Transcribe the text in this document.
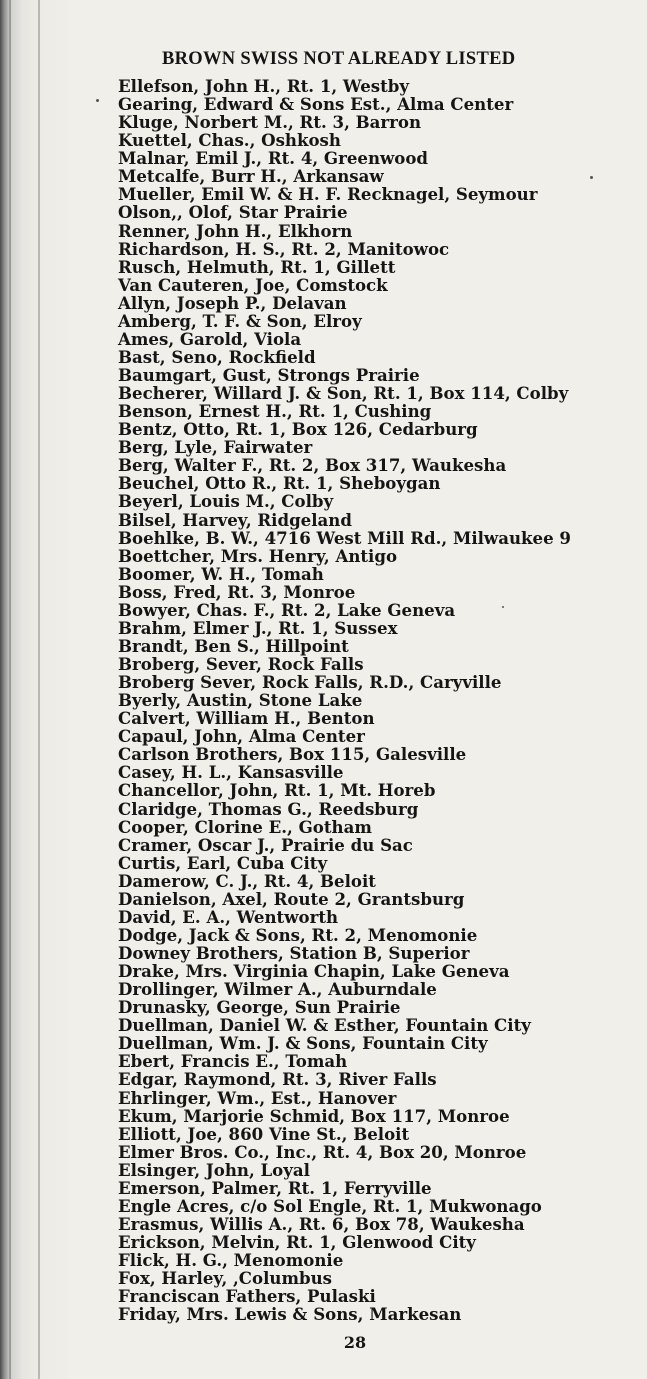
BROWN SWISS NOT ALREADY LISTED
Ellefson, John H., Rt. 1, Westby
Gearing, Edward & Sons Est., Alma Center
Kluge, Norbert M., Rt. 3, Barron
Kuettel, Chas., Oshkosh
Malnar, Emil J., Rt. 4, Greenwood
Metcalfe, Burr H., Arkansaw
Mueller, Emil W. & H. F. Recknagel, Seymour
Olson,, Olof, Star Prairie
Renner, John H., Elkhorn
Richardson, H. S., Rt. 2, Manitowoc
Rusch, Helmuth, Rt. 1, Gillett
Van Cauteren, Joe, Comstock
Allyn, Joseph P., Delavan
Amberg, T. F. & Son, Elroy
Ames, Garold, Viola
Bast, Seno, Rockfield
Baumgart, Gust, Strongs Prairie
Becherer, Willard J. & Son, Rt. 1, Box 114, Colby
Benson, Ernest H., Rt. 1, Cushing
Bentz, Otto, Rt. 1, Box 126, Cedarburg
Berg, Lyle, Fairwater
Berg, Walter F., Rt. 2, Box 317, Waukesha
Beuchel, Otto R., Rt. 1, Sheboygan
Beyerl, Louis M., Colby
Bilsel, Harvey, Ridgeland
Boehlke, B. W., 4716 West Mill Rd., Milwaukee 9
Boettcher, Mrs. Henry, Antigo
Boomer, W. H., Tomah
Boss, Fred, Rt. 3, Monroe
Bowyer, Chas. F., Rt. 2, Lake Geneva
Brahm, Elmer J., Rt. 1, Sussex
Brandt, Ben S., Hillpoint
Broberg, Sever, Rock Falls
Broberg Sever, Rock Falls, R.D., Caryville
Byerly, Austin, Stone Lake
Calvert, William H., Benton
Capaul, John, Alma Center
Carlson Brothers, Box 115, Galesville
Casey, H. L., Kansasville
Chancellor, John, Rt. 1, Mt. Horeb
Claridge, Thomas G., Reedsburg
Cooper, Clorine E., Gotham
Cramer, Oscar J., Prairie du Sac
Curtis, Earl, Cuba City
Damerow, C. J., Rt. 4, Beloit
Danielson, Axel, Route 2, Grantsburg
David, E. A., Wentworth
Dodge, Jack & Sons, Rt. 2, Menomonie
Downey Brothers, Station B, Superior
Drake, Mrs. Virginia Chapin, Lake Geneva
Drollinger, Wilmer A., Auburndale
Drunasky, George, Sun Prairie
Duellman, Daniel W. & Esther, Fountain City
Duellman, Wm. J. & Sons, Fountain City
Ebert, Francis E., Tomah
Edgar, Raymond, Rt. 3, River Falls
Ehrlinger, Wm., Est., Hanover
Ekum, Marjorie Schmid, Box 117, Monroe
Elliott, Joe, 860 Vine St., Beloit
Elmer Bros. Co., Inc., Rt. 4, Box 20, Monroe
Elsinger, John, Loyal
Emerson, Palmer, Rt. 1, Ferryville
Engle Acres, c/o Sol Engle, Rt. 1, Mukwonago
Erasmus, Willis A., Rt. 6, Box 78, Waukesha
Erickson, Melvin, Rt. 1, Glenwood City
Flick, H. G., Menomonie
Fox, Harley, ,Columbus
Franciscan Fathers, Pulaski
Friday, Mrs. Lewis & Sons, Markesan
28
